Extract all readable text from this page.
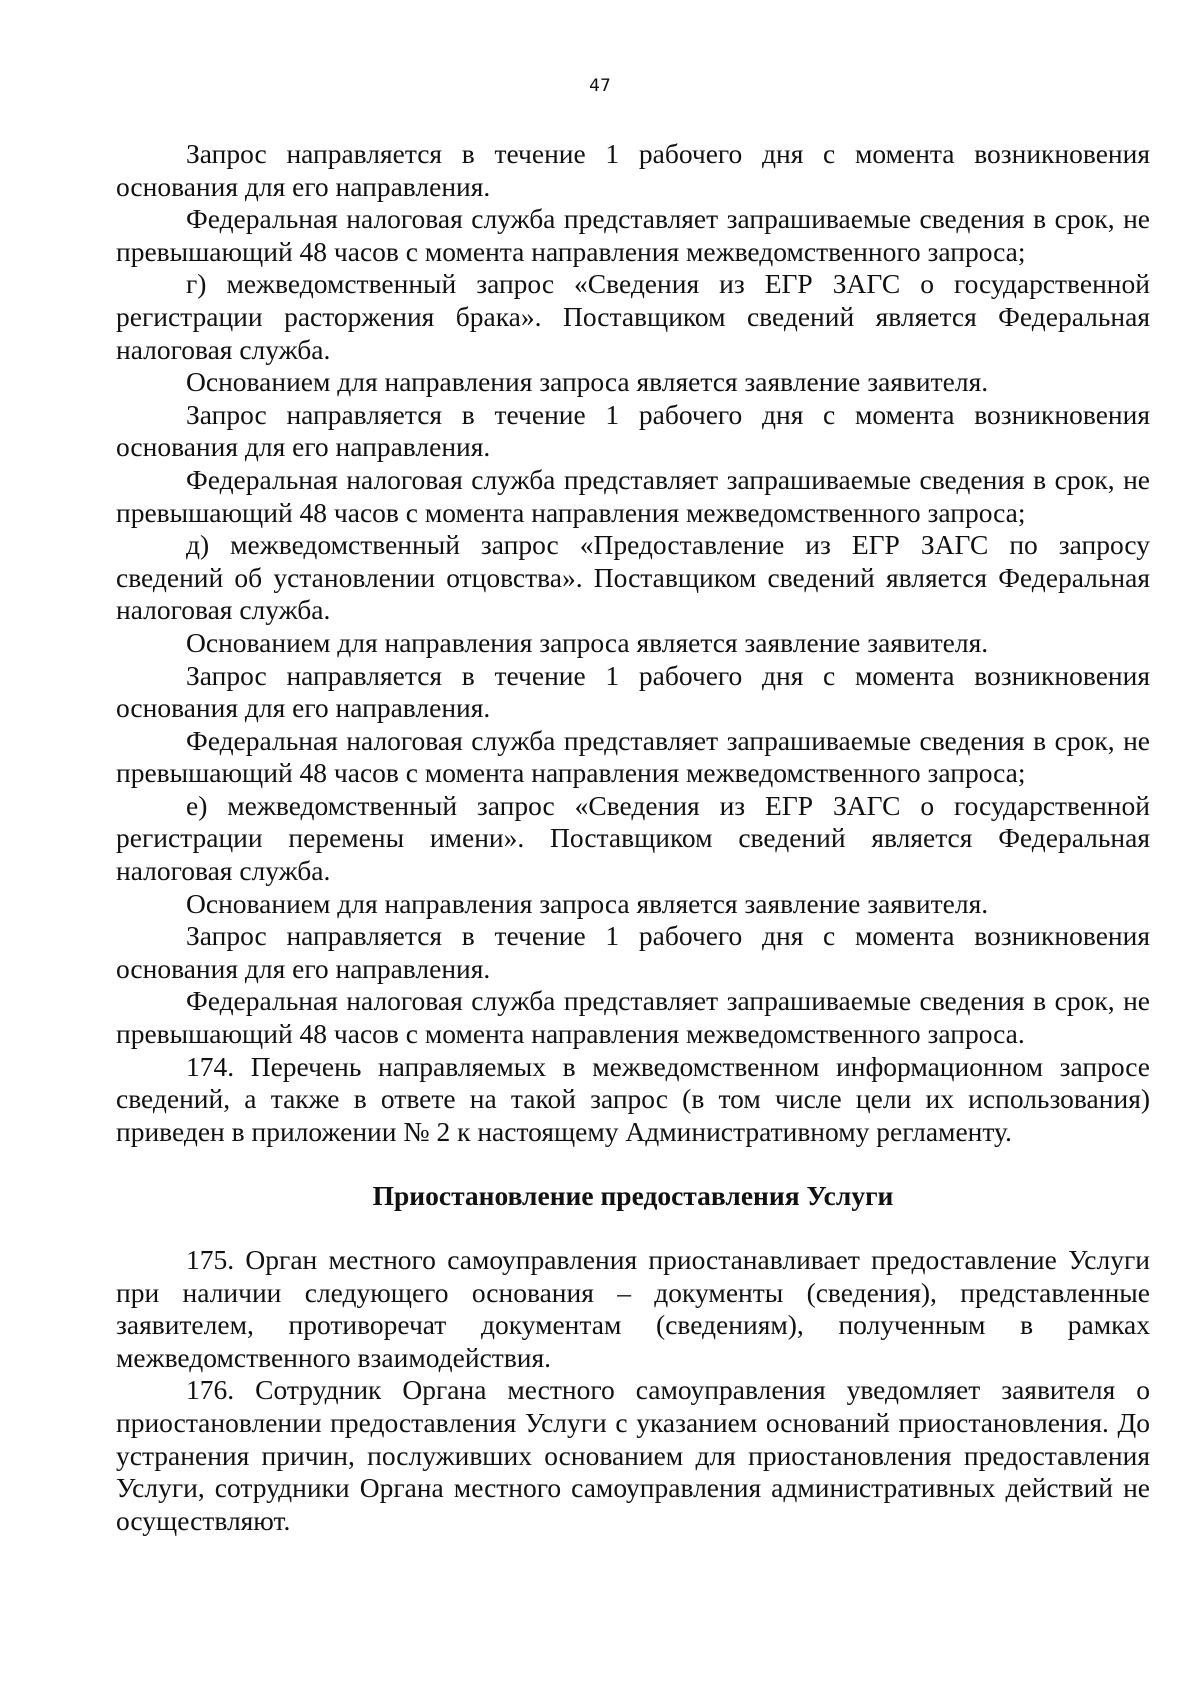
47

Запрос направляется в течение 1 рабочего дня с момента возникновения основания для его направления.

Федеральная налоговая служба представляет запрашиваемые сведения в срок, не превышающий 48 часов с момента направления межведомственного запроса;

г) межведомственный запрос «Сведения из ЕГР ЗАГС о государственной регистрации расторжения брака». Поставщиком сведений является Федеральная налоговая служба.

Основанием для направления запроса является заявление заявителя.

Запрос направляется в течение 1 рабочего дня с момента возникновения основания для его направления.

Федеральная налоговая служба представляет запрашиваемые сведения в срок, не превышающий 48 часов с момента направления межведомственного запроса;

д) межведомственный запрос «Предоставление из ЕГР ЗАГС по запросу сведений об установлении отцовства». Поставщиком сведений является Федеральная налоговая служба.

Основанием для направления запроса является заявление заявителя.

Запрос направляется в течение 1 рабочего дня с момента возникновения основания для его направления.

Федеральная налоговая служба представляет запрашиваемые сведения в срок, не превышающий 48 часов с момента направления межведомственного запроса;

е) межведомственный запрос «Сведения из ЕГР ЗАГС о государственной регистрации перемены имени». Поставщиком сведений является Федеральная налоговая служба.

Основанием для направления запроса является заявление заявителя.

Запрос направляется в течение 1 рабочего дня с момента возникновения основания для его направления.

Федеральная налоговая служба представляет запрашиваемые сведения в срок, не превышающий 48 часов с момента направления межведомственного запроса.

174. Перечень направляемых в межведомственном информационном запросе сведений, а также в ответе на такой запрос (в том числе цели их использования) приведен в приложении № 2 к настоящему Административному регламенту.

Приостановление предоставления Услуги

175. Орган местного самоуправления приостанавливает предоставление Услуги при наличии следующего основания – документы (сведения), представленные заявителем, противоречат документам (сведениям), полученным в рамках межведомственного взаимодействия.

176. Сотрудник Органа местного самоуправления уведомляет заявителя о приостановлении предоставления Услуги с указанием оснований приостановления. До устранения причин, послуживших основанием для приостановления предоставления Услуги, сотрудники Органа местного самоуправления административных действий не осуществляют.
